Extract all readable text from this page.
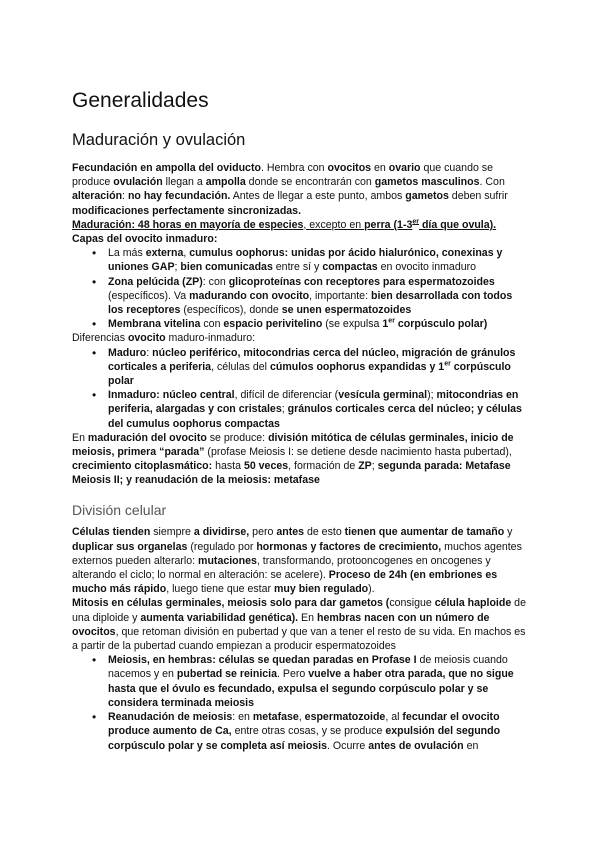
Generalidades
Maduración y ovulación

Fecundación en ampolla del oviducto. Hembra con ovocitos en ovario que cuando se produce ovulación llegan a ampolla donde se encontrarán con gametos masculinos. Con alteración: no hay fecundación. Antes de llegar a este punto, ambos gametos deben sufrir modificaciones perfectamente sincronizadas.

Maduración: 48 horas en mayoría de especies, excepto en perra (1-3er día que ovula).

Capas del ovocito inmaduro:

• La más externa, cumulus oophorus: unidas por ácido hialurónico, conexinas y uniones GAP; bien comunicadas entre sí y compactas en ovocito inmaduro
• Zona pelúcida (ZP): con glicoproteínas con receptores para espermatozoides (específicos). Va madurando con ovocito, importante: bien desarrollada con todos los receptores (específicos), donde se unen espermatozoides
• Membrana vitelina con espacio perivitelino (se expulsa 1er corpúsculo polar)

Diferencias ovocito maduro-inmaduro:

• Maduro: núcleo periférico, mitocondrias cerca del núcleo, migración de gránulos corticales a periferia, células del cúmulos oophorus expandidas y 1er corpúsculo polar
• Inmaduro: núcleo central, difícil de diferenciar (vesícula germinal); mitocondrias en periferia, alargadas y con cristales; gránulos corticales cerca del núcleo; y células del cumulus oophorus compactas

En maduración del ovocito se produce: división mitótica de células germinales, inicio de meiosis, primera “parada” (profase Meiosis I: se detiene desde nacimiento hasta pubertad), crecimiento citoplasmático: hasta 50 veces, formación de ZP; segunda parada: Metafase Meiosis II; y reanudación de la meiosis: metafase

División celular

Células tienden siempre a dividirse, pero antes de esto tienen que aumentar de tamaño y duplicar sus organelas (regulado por hormonas y factores de crecimiento, muchos agentes externos pueden alterarlo: mutaciones, transformando, protooncogenes en oncogenes y alterando el ciclo; lo normal en alteración: se acelere). Proceso de 24h (en embriones es mucho más rápido, luego tiene que estar muy bien regulado).

Mitosis en células germinales, meiosis solo para dar gametos (consigue célula haploide de una diploide y aumenta variabilidad genética). En hembras nacen con un número de ovocitos, que retoman división en pubertad y que van a tener el resto de su vida. En machos es a partir de la pubertad cuando empiezan a producir espermatozoides

• Meiosis, en hembras: células se quedan paradas en Profase I de meiosis cuando nacemos y en pubertad se reinicia. Pero vuelve a haber otra parada, que no sigue hasta que el óvulo es fecundado, expulsa el segundo corpúsculo polar y se considera terminada meiosis
• Reanudación de meiosis: en metafase, espermatozoide, al fecundar el ovocito produce aumento de Ca, entre otras cosas, y se produce expulsión del segundo corpúsculo polar y se completa así meiosis. Ocurre antes de ovulación en
